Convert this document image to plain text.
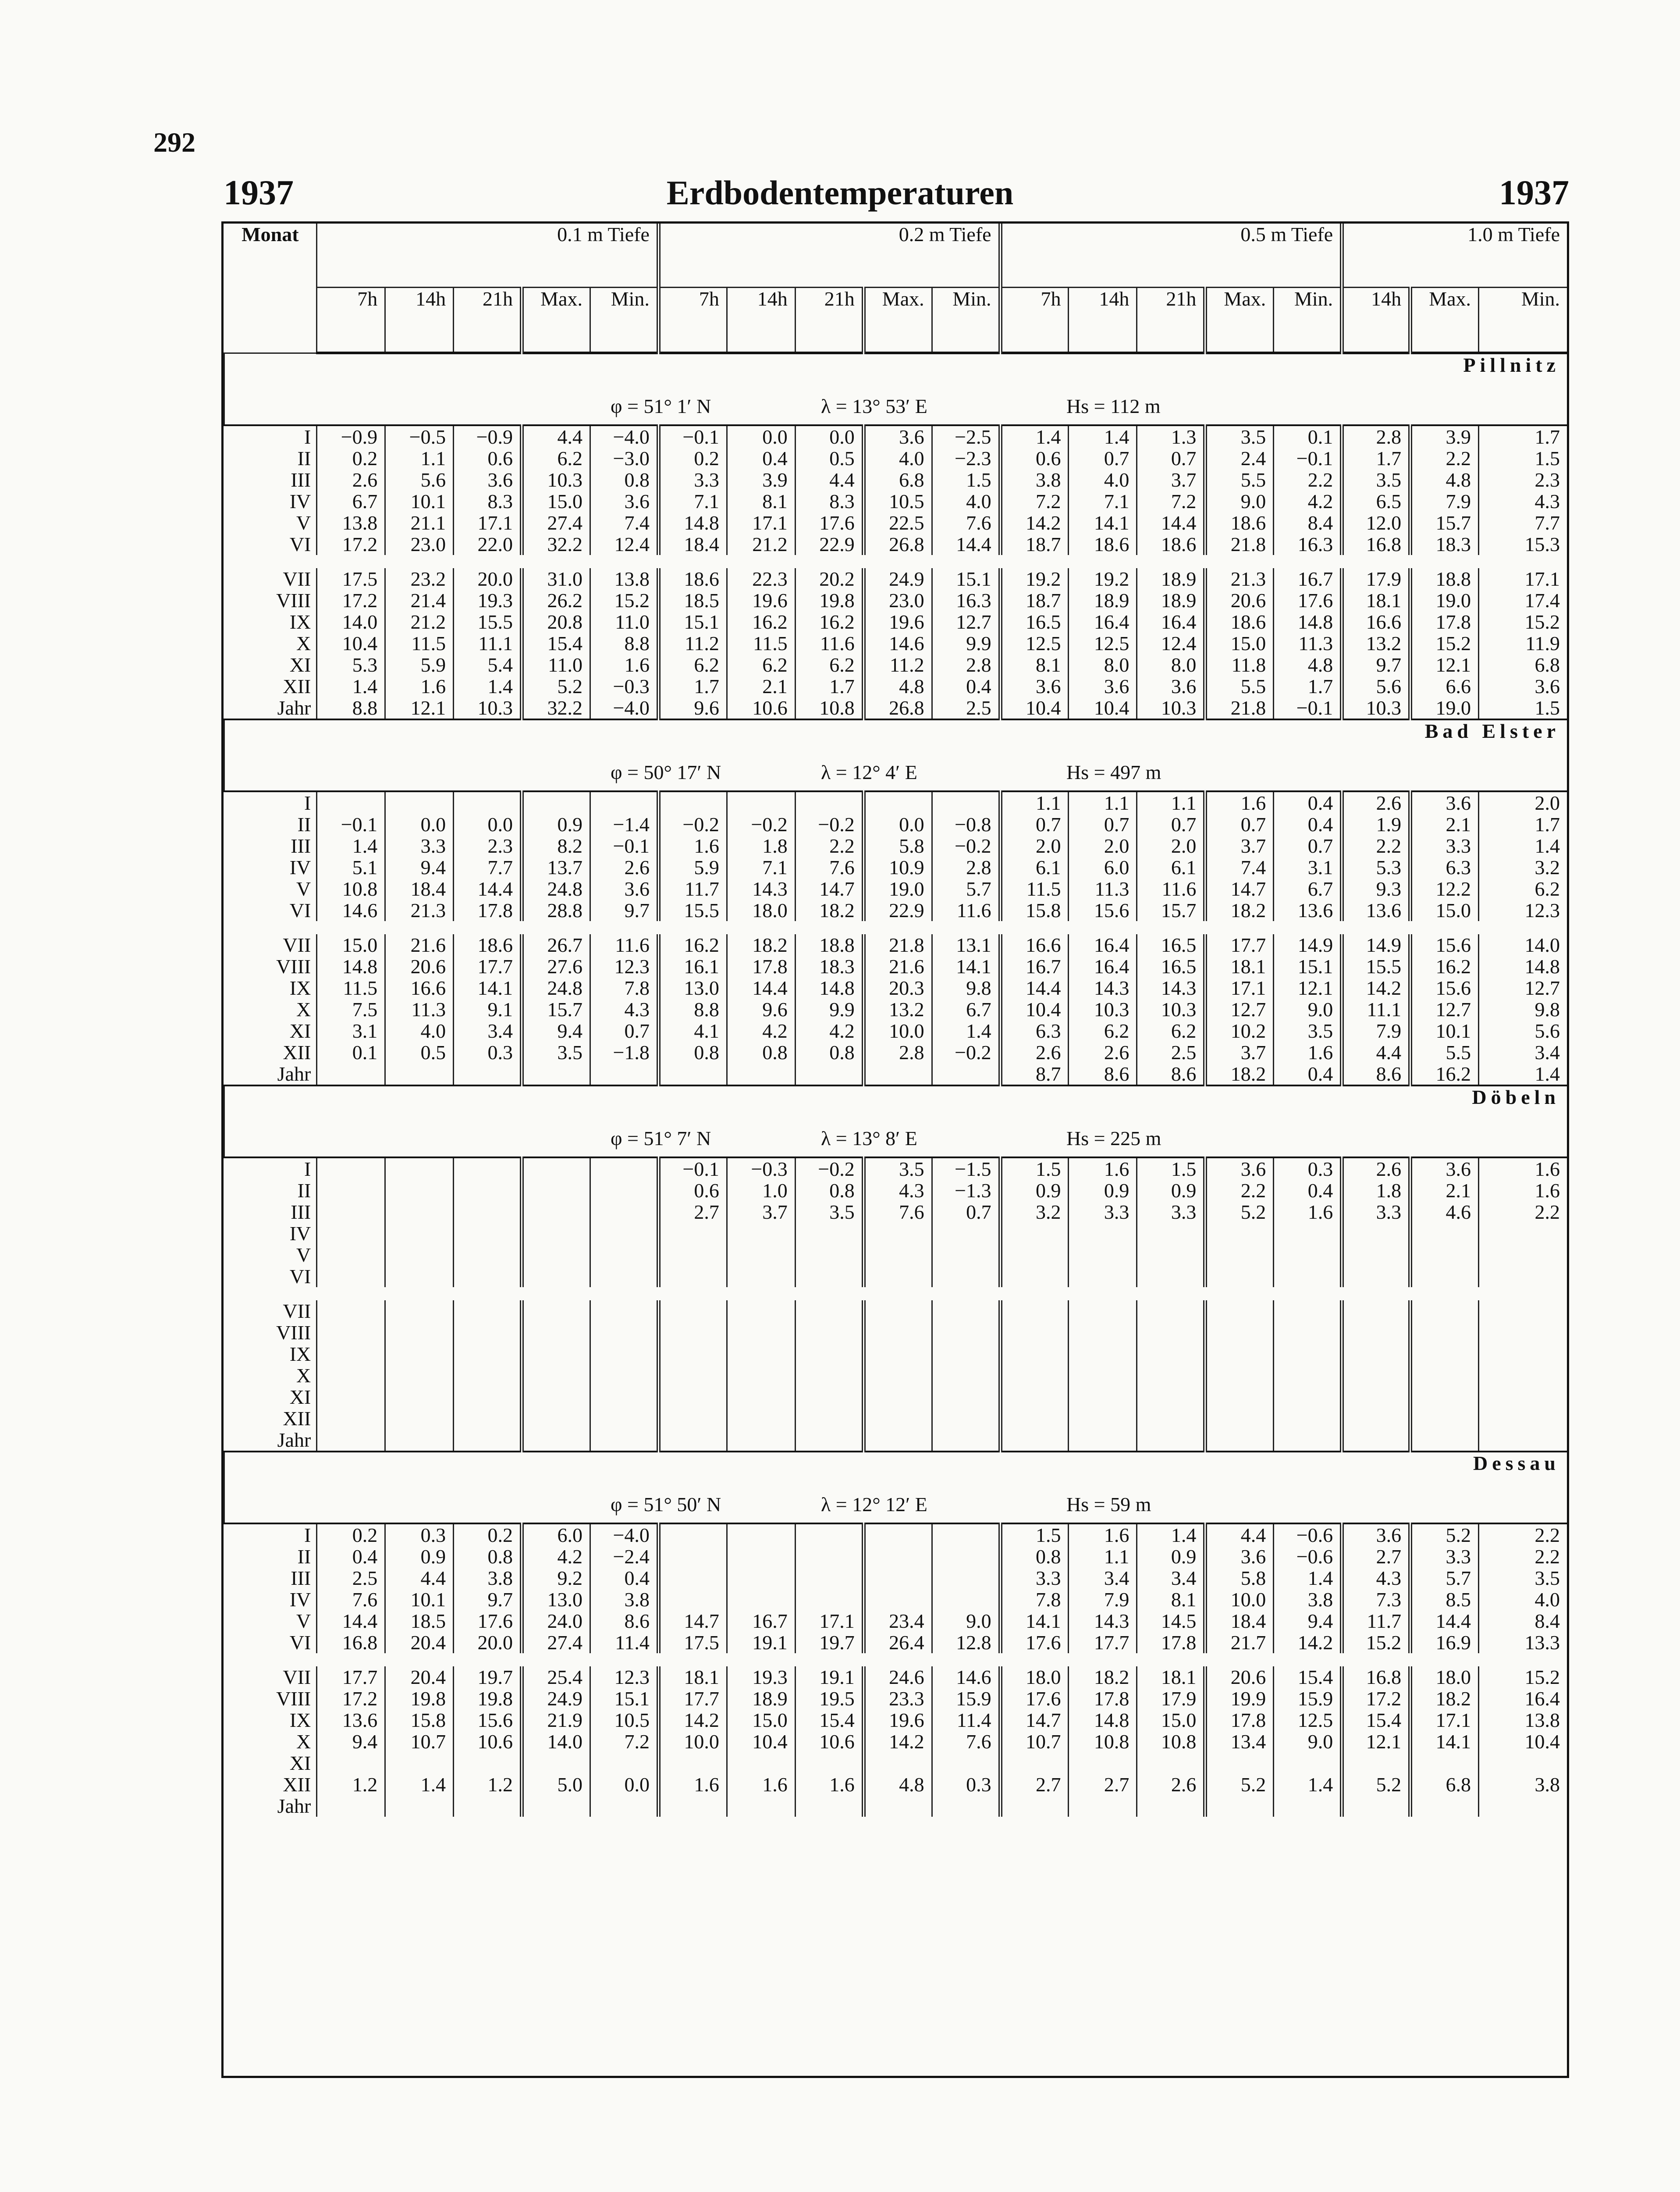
292
1937	Erdbodentemperaturen	1937
Monat	0.1 m Tiefe					0.2 m Tiefe					0.5 m Tiefe					1.0 m Tiefe		
	7h	14h	21h	Max.	Min.	7h	14h	21h	Max.	Min.	7h	14h	21h	Max.	Min.	14h	Max.	Min.
Pillnitz																		

φ = 51° 1′ N λ = 13° 53′ E Hs = 112 m																		

I	−0.9	−0.5	−0.9	4.4	−4.0	−0.1	0.0	0.0	3.6	−2.5	1.4	1.4	1.3	3.5	0.1	2.8	3.9	1.7
II	0.2	1.1	0.6	6.2	−3.0	0.2	0.4	0.5	4.0	−2.3	0.6	0.7	0.7	2.4	−0.1	1.7	2.2	1.5
III	2.6	5.6	3.6	10.3	0.8	3.3	3.9	4.4	6.8	1.5	3.8	4.0	3.7	5.5	2.2	3.5	4.8	2.3
IV	6.7	10.1	8.3	15.0	3.6	7.1	8.1	8.3	10.5	4.0	7.2	7.1	7.2	9.0	4.2	6.5	7.9	4.3
V	13.8	21.1	17.1	27.4	7.4	14.8	17.1	17.6	22.5	7.6	14.2	14.1	14.4	18.6	8.4	12.0	15.7	7.7
VI	17.2	23.0	22.0	32.2	12.4	18.4	21.2	22.9	26.8	14.4	18.7	18.6	18.6	21.8	16.3	16.8	18.3	15.3

VII	17.5	23.2	20.0	31.0	13.8	18.6	22.3	20.2	24.9	15.1	19.2	19.2	18.9	21.3	16.7	17.9	18.8	17.1
VIII	17.2	21.4	19.3	26.2	15.2	18.5	19.6	19.8	23.0	16.3	18.7	18.9	18.9	20.6	17.6	18.1	19.0	17.4
IX	14.0	21.2	15.5	20.8	11.0	15.1	16.2	16.2	19.6	12.7	16.5	16.4	16.4	18.6	14.8	16.6	17.8	15.2
X	10.4	11.5	11.1	15.4	8.8	11.2	11.5	11.6	14.6	9.9	12.5	12.5	12.4	15.0	11.3	13.2	15.2	11.9
XI	5.3	5.9	5.4	11.0	1.6	6.2	6.2	6.2	11.2	2.8	8.1	8.0	8.0	11.8	4.8	9.7	12.1	6.8
XII	1.4	1.6	1.4	5.2	−0.3	1.7	2.1	1.7	4.8	0.4	3.6	3.6	3.6	5.5	1.7	5.6	6.6	3.6
Jahr	8.8	12.1	10.3	32.2	−4.0	9.6	10.6	10.8	26.8	2.5	10.4	10.4	10.3	21.8	−0.1	10.3	19.0	1.5
Bad Elster																		

φ = 50° 17′ N λ = 12° 4′ E Hs = 497 m																		

I											1.1	1.1	1.1	1.6	0.4	2.6	3.6	2.0
II	−0.1	0.0	0.0	0.9	−1.4	−0.2	−0.2	−0.2	0.0	−0.8	0.7	0.7	0.7	0.7	0.4	1.9	2.1	1.7
III	1.4	3.3	2.3	8.2	−0.1	1.6	1.8	2.2	5.8	−0.2	2.0	2.0	2.0	3.7	0.7	2.2	3.3	1.4
IV	5.1	9.4	7.7	13.7	2.6	5.9	7.1	7.6	10.9	2.8	6.1	6.0	6.1	7.4	3.1	5.3	6.3	3.2
V	10.8	18.4	14.4	24.8	3.6	11.7	14.3	14.7	19.0	5.7	11.5	11.3	11.6	14.7	6.7	9.3	12.2	6.2
VI	14.6	21.3	17.8	28.8	9.7	15.5	18.0	18.2	22.9	11.6	15.8	15.6	15.7	18.2	13.6	13.6	15.0	12.3

VII	15.0	21.6	18.6	26.7	11.6	16.2	18.2	18.8	21.8	13.1	16.6	16.4	16.5	17.7	14.9	14.9	15.6	14.0
VIII	14.8	20.6	17.7	27.6	12.3	16.1	17.8	18.3	21.6	14.1	16.7	16.4	16.5	18.1	15.1	15.5	16.2	14.8
IX	11.5	16.6	14.1	24.8	7.8	13.0	14.4	14.8	20.3	9.8	14.4	14.3	14.3	17.1	12.1	14.2	15.6	12.7
X	7.5	11.3	9.1	15.7	4.3	8.8	9.6	9.9	13.2	6.7	10.4	10.3	10.3	12.7	9.0	11.1	12.7	9.8
XI	3.1	4.0	3.4	9.4	0.7	4.1	4.2	4.2	10.0	1.4	6.3	6.2	6.2	10.2	3.5	7.9	10.1	5.6
XII	0.1	0.5	0.3	3.5	−1.8	0.8	0.8	0.8	2.8	−0.2	2.6	2.6	2.5	3.7	1.6	4.4	5.5	3.4
Jahr											8.7	8.6	8.6	18.2	0.4	8.6	16.2	1.4
Döbeln																		

φ = 51° 7′ N λ = 13° 8′ E Hs = 225 m																		

I						−0.1	−0.3	−0.2	3.5	−1.5	1.5	1.6	1.5	3.6	0.3	2.6	3.6	1.6
II						0.6	1.0	0.8	4.3	−1.3	0.9	0.9	0.9	2.2	0.4	1.8	2.1	1.6
III						2.7	3.7	3.5	7.6	0.7	3.2	3.3	3.3	5.2	1.6	3.3	4.6	2.2
IV																		
V																		
VI																		

VII																		
VIII																		
IX																		
X																		
XI																		
XII																		
Jahr																		
Dessau																		

φ = 51° 50′ N λ = 12° 12′ E Hs = 59 m																		

I	0.2	0.3	0.2	6.0	−4.0						1.5	1.6	1.4	4.4	−0.6	3.6	5.2	2.2
II	0.4	0.9	0.8	4.2	−2.4						0.8	1.1	0.9	3.6	−0.6	2.7	3.3	2.2
III	2.5	4.4	3.8	9.2	0.4						3.3	3.4	3.4	5.8	1.4	4.3	5.7	3.5
IV	7.6	10.1	9.7	13.0	3.8						7.8	7.9	8.1	10.0	3.8	7.3	8.5	4.0
V	14.4	18.5	17.6	24.0	8.6	14.7	16.7	17.1	23.4	9.0	14.1	14.3	14.5	18.4	9.4	11.7	14.4	8.4
VI	16.8	20.4	20.0	27.4	11.4	17.5	19.1	19.7	26.4	12.8	17.6	17.7	17.8	21.7	14.2	15.2	16.9	13.3

VII	17.7	20.4	19.7	25.4	12.3	18.1	19.3	19.1	24.6	14.6	18.0	18.2	18.1	20.6	15.4	16.8	18.0	15.2
VIII	17.2	19.8	19.8	24.9	15.1	17.7	18.9	19.5	23.3	15.9	17.6	17.8	17.9	19.9	15.9	17.2	18.2	16.4
IX	13.6	15.8	15.6	21.9	10.5	14.2	15.0	15.4	19.6	11.4	14.7	14.8	15.0	17.8	12.5	15.4	17.1	13.8
X	9.4	10.7	10.6	14.0	7.2	10.0	10.4	10.6	14.2	7.6	10.7	10.8	10.8	13.4	9.0	12.1	14.1	10.4
XI																		
XII	1.2	1.4	1.2	5.0	0.0	1.6	1.6	1.6	4.8	0.3	2.7	2.7	2.6	5.2	1.4	5.2	6.8	3.8
Jahr																		
